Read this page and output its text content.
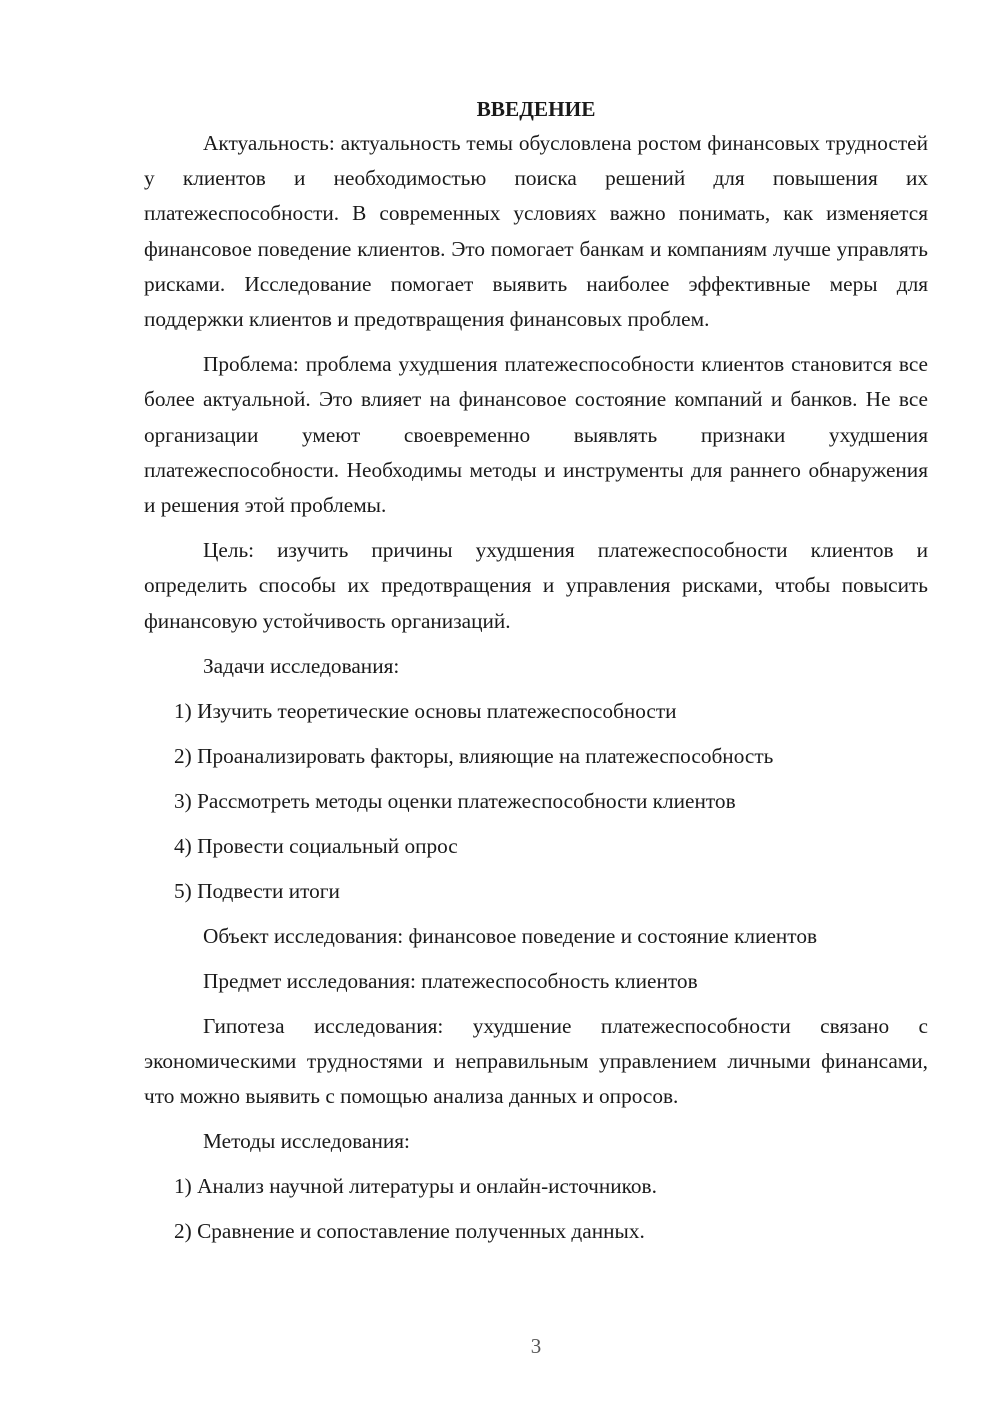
ВВЕДЕНИЕ

Актуальность: актуальность темы обусловлена ростом финансовых трудностей у клиентов и необходимостью поиска решений для повышения их платежеспособности. В современных условиях важно понимать, как изменяется финансовое поведение клиентов. Это помогает банкам и компаниям лучше управлять рисками. Исследование помогает выявить наиболее эффективные меры для поддержки клиентов и предотвращения финансовых проблем.

Проблема: проблема ухудшения платежеспособности клиентов становится все более актуальной. Это влияет на финансовое состояние компаний и банков. Не все организации умеют своевременно выявлять признаки ухудшения платежеспособности. Необходимы методы и инструменты для раннего обнаружения и решения этой проблемы.

Цель: изучить причины ухудшения платежеспособности клиентов и определить способы их предотвращения и управления рисками, чтобы повысить финансовую устойчивость организаций.

Задачи исследования:

1) Изучить теоретические основы платежеспособности
2) Проанализировать факторы, влияющие на платежеспособность
3) Рассмотреть методы оценки платежеспособности клиентов
4) Провести социальный опрос
5) Подвести итоги

Объект исследования: финансовое поведение и состояние клиентов

Предмет исследования: платежеспособность клиентов

Гипотеза исследования: ухудшение платежеспособности связано с экономическими трудностями и неправильным управлением личными финансами, что можно выявить с помощью анализа данных и опросов.

Методы исследования:

1) Анализ научной литературы и онлайн-источников.
2) Сравнение и сопоставление полученных данных.
3
